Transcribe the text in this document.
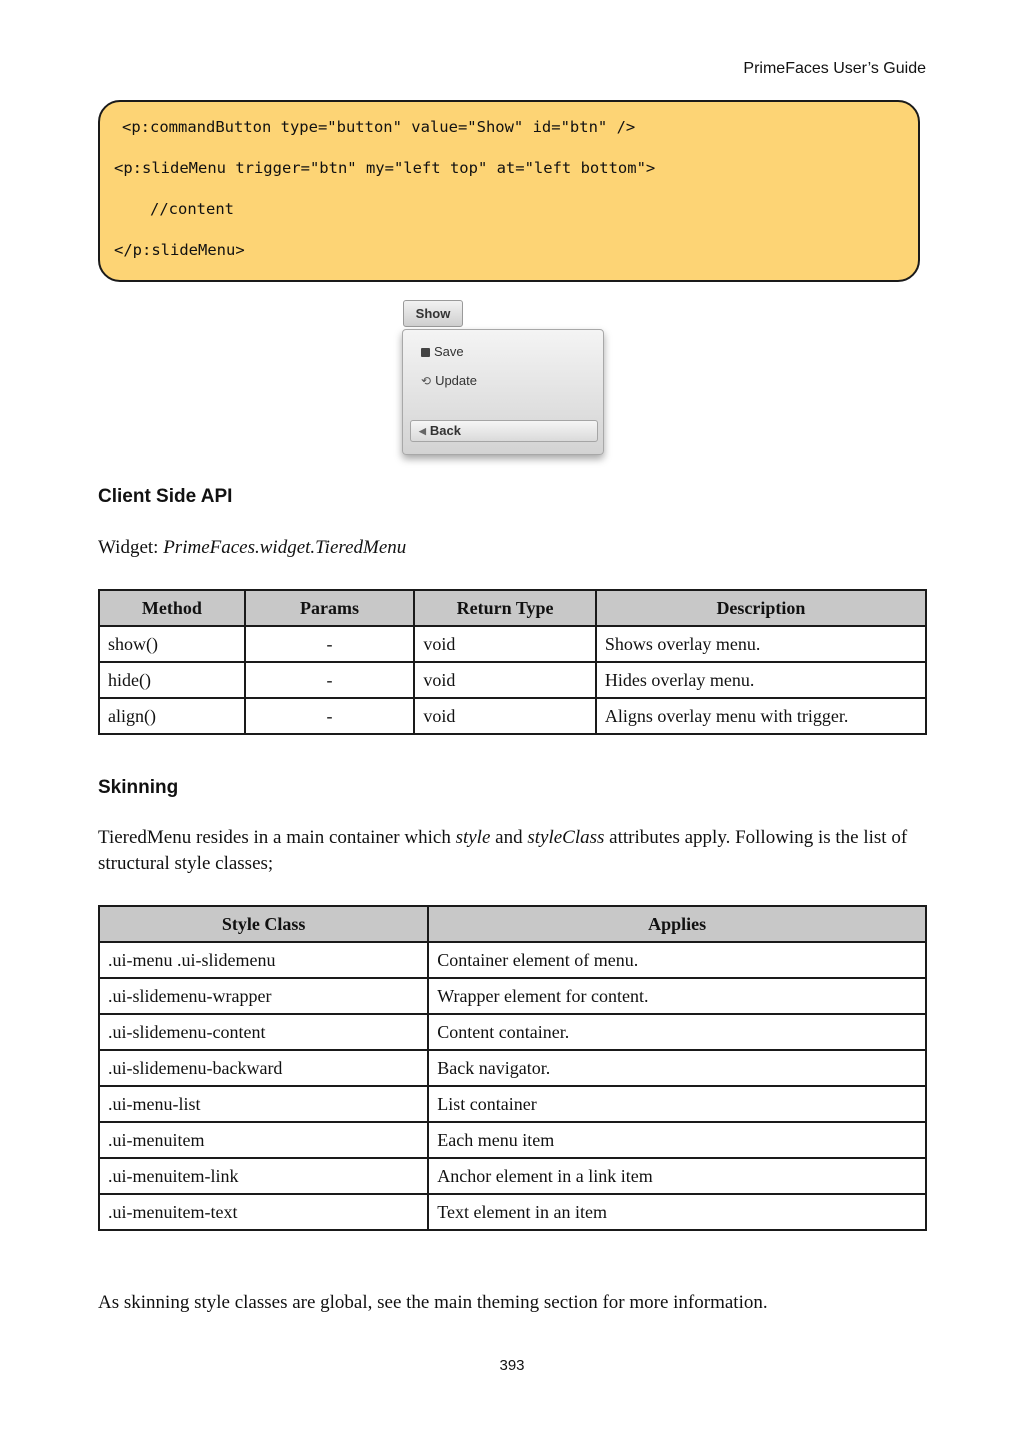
PrimeFaces User’s Guide
<p:commandButton type="button" value="Show" id="btn" />
<p:slideMenu trigger="btn" my="left top" at="left bottom">
//content
</p:slideMenu>
Show
Save
⟲ Update
◀ Back
Client Side API

Widget: PrimeFaces.widget.TieredMenu

Method	Params	Return Type	Description
show()	-	void	Shows overlay menu.
hide()	-	void	Hides overlay menu.
align()	-	void	Aligns overlay menu with trigger.
Skinning

TieredMenu resides in a main container which style and styleClass attributes apply. Following is the list of structural style classes;

Style Class	Applies
.ui-menu .ui-slidemenu	Container element of menu.
.ui-slidemenu-wrapper	Wrapper element for content.
.ui-slidemenu-content	Content container.
.ui-slidemenu-backward	Back navigator.
.ui-menu-list	List container
.ui-menuitem	Each menu item
.ui-menuitem-link	Anchor element in a link item
.ui-menuitem-text	Text element in an item

As skinning style classes are global, see the main theming section for more information.

393
